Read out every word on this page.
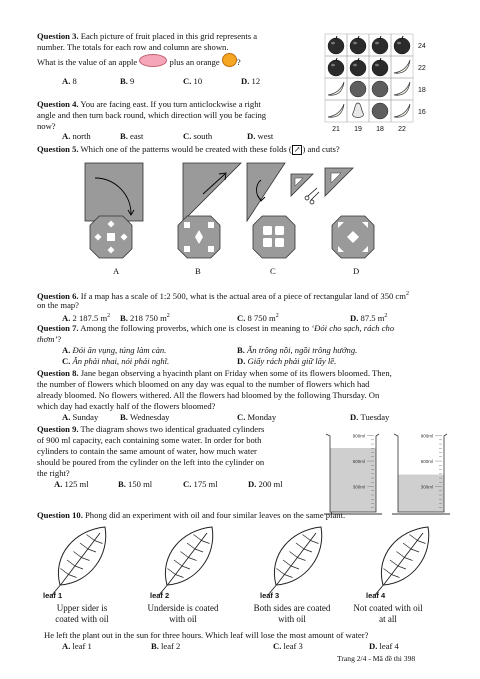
Question 3. Each picture of fruit placed in this grid represents a
number. The totals for each row and column are shown.
What is the value of an apple	plus an orange ?
A. 8	B. 9	C. 10	D. 12
24
22
18
16
21 19 18 22
Question 4. You are facing east. If you turn anticlockwise a right
angle and then turn back round, which direction will you be facing
now?
A. north	B. east	C. south	D. west
Question 5. Which one of the patterns would be created with these folds ( ↗ ) and cuts?
A	B	C	D
Question 6. If a map has a scale of 1:2 500, what is the actual area of a piece of rectangular land of 350 $cm^2$
on the map?
A. 2 187.5 $m^2$ B. 218 750 $m^2$	C. 8 750 $m^2$	D. 87.5 $m^2$
Question 7. Among the following proverbs, which one is closest in meaning to ‘Đói cho sạch, rách cho
thơm’?
A. Đói ăn vụng, túng làm càn.	B. Ăn trông nồi, ngồi trông hướng.
C. Ăn phải nhai, nói phải nghĩ.	D. Giấy rách phải giữ lấy lề.
Question 8. Jane began observing a hyacinth plant on Friday when some of its flowers bloomed. Then,
the number of flowers which bloomed on any day was equal to the number of flowers which had
already bloomed. No flowers withered. All the flowers had bloomed by the following Thursday. On
which day had exactly half of the flowers bloomed?
A. Sunday	B. Wednesday	C. Monday	D. Tuesday
Question 9. The diagram shows two identical graduated cylinders
of 900 ml capacity, each containing some water. In order for both
cylinders to contain the same amount of water, how much water
should be poured from the cylinder on the left into the cylinder on
the right?
A. 125 ml	B. 150 ml	C. 175 ml	D. 200 ml
900ml
600ml
300ml
900ml
600ml
300ml
Question 10. Phong did an experiment with oil and four similar leaves on the same plant.
leaf 1
Upper sider is
coated with oil
leaf 2
Underside is coated
with oil
leaf 3
Both sides are coated
with oil
leaf 4
Not coated with oil
at all
He left the plant out in the sun for three hours. Which leaf will lose the most amount of water?
A. leaf 1	B. leaf 2	C. leaf 3	D. leaf 4
Trang 2/4 - Mã đề thi 398
